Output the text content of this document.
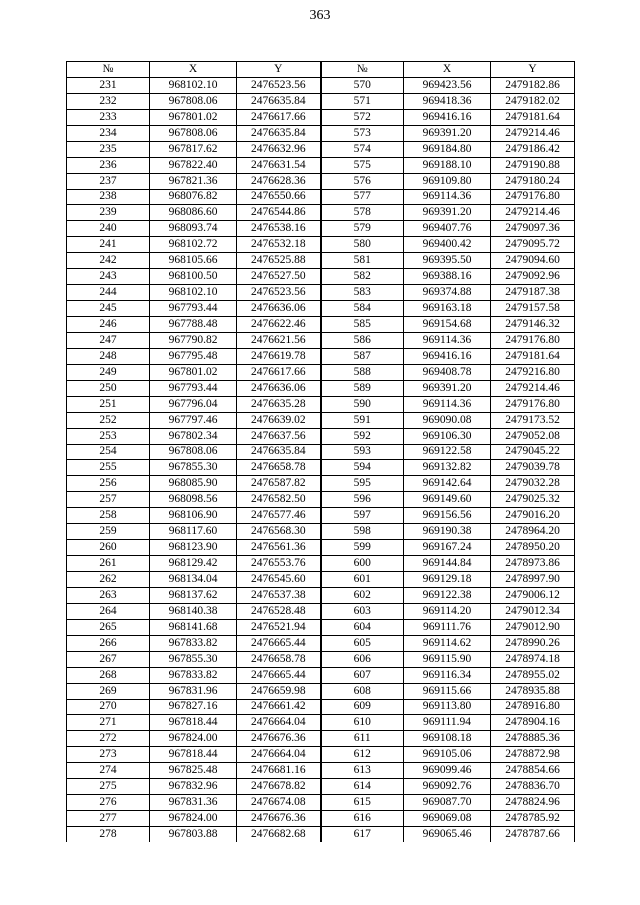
363
№	X	Y	№	X	Y
231	968102.10	2476523.56	570	969423.56	2479182.86
232	967808.06	2476635.84	571	969418.36	2479182.02
233	967801.02	2476617.66	572	969416.16	2479181.64
234	967808.06	2476635.84	573	969391.20	2479214.46
235	967817.62	2476632.96	574	969184.80	2479186.42
236	967822.40	2476631.54	575	969188.10	2479190.88
237	967821.36	2476628.36	576	969109.80	2479180.24
238	968076.82	2476550.66	577	969114.36	2479176.80
239	968086.60	2476544.86	578	969391.20	2479214.46
240	968093.74	2476538.16	579	969407.76	2479097.36
241	968102.72	2476532.18	580	969400.42	2479095.72
242	968105.66	2476525.88	581	969395.50	2479094.60
243	968100.50	2476527.50	582	969388.16	2479092.96
244	968102.10	2476523.56	583	969374.88	2479187.38
245	967793.44	2476636.06	584	969163.18	2479157.58
246	967788.48	2476622.46	585	969154.68	2479146.32
247	967790.82	2476621.56	586	969114.36	2479176.80
248	967795.48	2476619.78	587	969416.16	2479181.64
249	967801.02	2476617.66	588	969408.78	2479216.80
250	967793.44	2476636.06	589	969391.20	2479214.46
251	967796.04	2476635.28	590	969114.36	2479176.80
252	967797.46	2476639.02	591	969090.08	2479173.52
253	967802.34	2476637.56	592	969106.30	2479052.08
254	967808.06	2476635.84	593	969122.58	2479045.22
255	967855.30	2476658.78	594	969132.82	2479039.78
256	968085.90	2476587.82	595	969142.64	2479032.28
257	968098.56	2476582.50	596	969149.60	2479025.32
258	968106.90	2476577.46	597	969156.56	2479016.20
259	968117.60	2476568.30	598	969190.38	2478964.20
260	968123.90	2476561.36	599	969167.24	2478950.20
261	968129.42	2476553.76	600	969144.84	2478973.86
262	968134.04	2476545.60	601	969129.18	2478997.90
263	968137.62	2476537.38	602	969122.38	2479006.12
264	968140.38	2476528.48	603	969114.20	2479012.34
265	968141.68	2476521.94	604	969111.76	2479012.90
266	967833.82	2476665.44	605	969114.62	2478990.26
267	967855.30	2476658.78	606	969115.90	2478974.18
268	967833.82	2476665.44	607	969116.34	2478955.02
269	967831.96	2476659.98	608	969115.66	2478935.88
270	967827.16	2476661.42	609	969113.80	2478916.80
271	967818.44	2476664.04	610	969111.94	2478904.16
272	967824.00	2476676.36	611	969108.18	2478885.36
273	967818.44	2476664.04	612	969105.06	2478872.98
274	967825.48	2476681.16	613	969099.46	2478854.66
275	967832.96	2476678.82	614	969092.76	2478836.70
276	967831.36	2476674.08	615	969087.70	2478824.96
277	967824.00	2476676.36	616	969069.08	2478785.92
278	967803.88	2476682.68	617	969065.46	2478787.66
